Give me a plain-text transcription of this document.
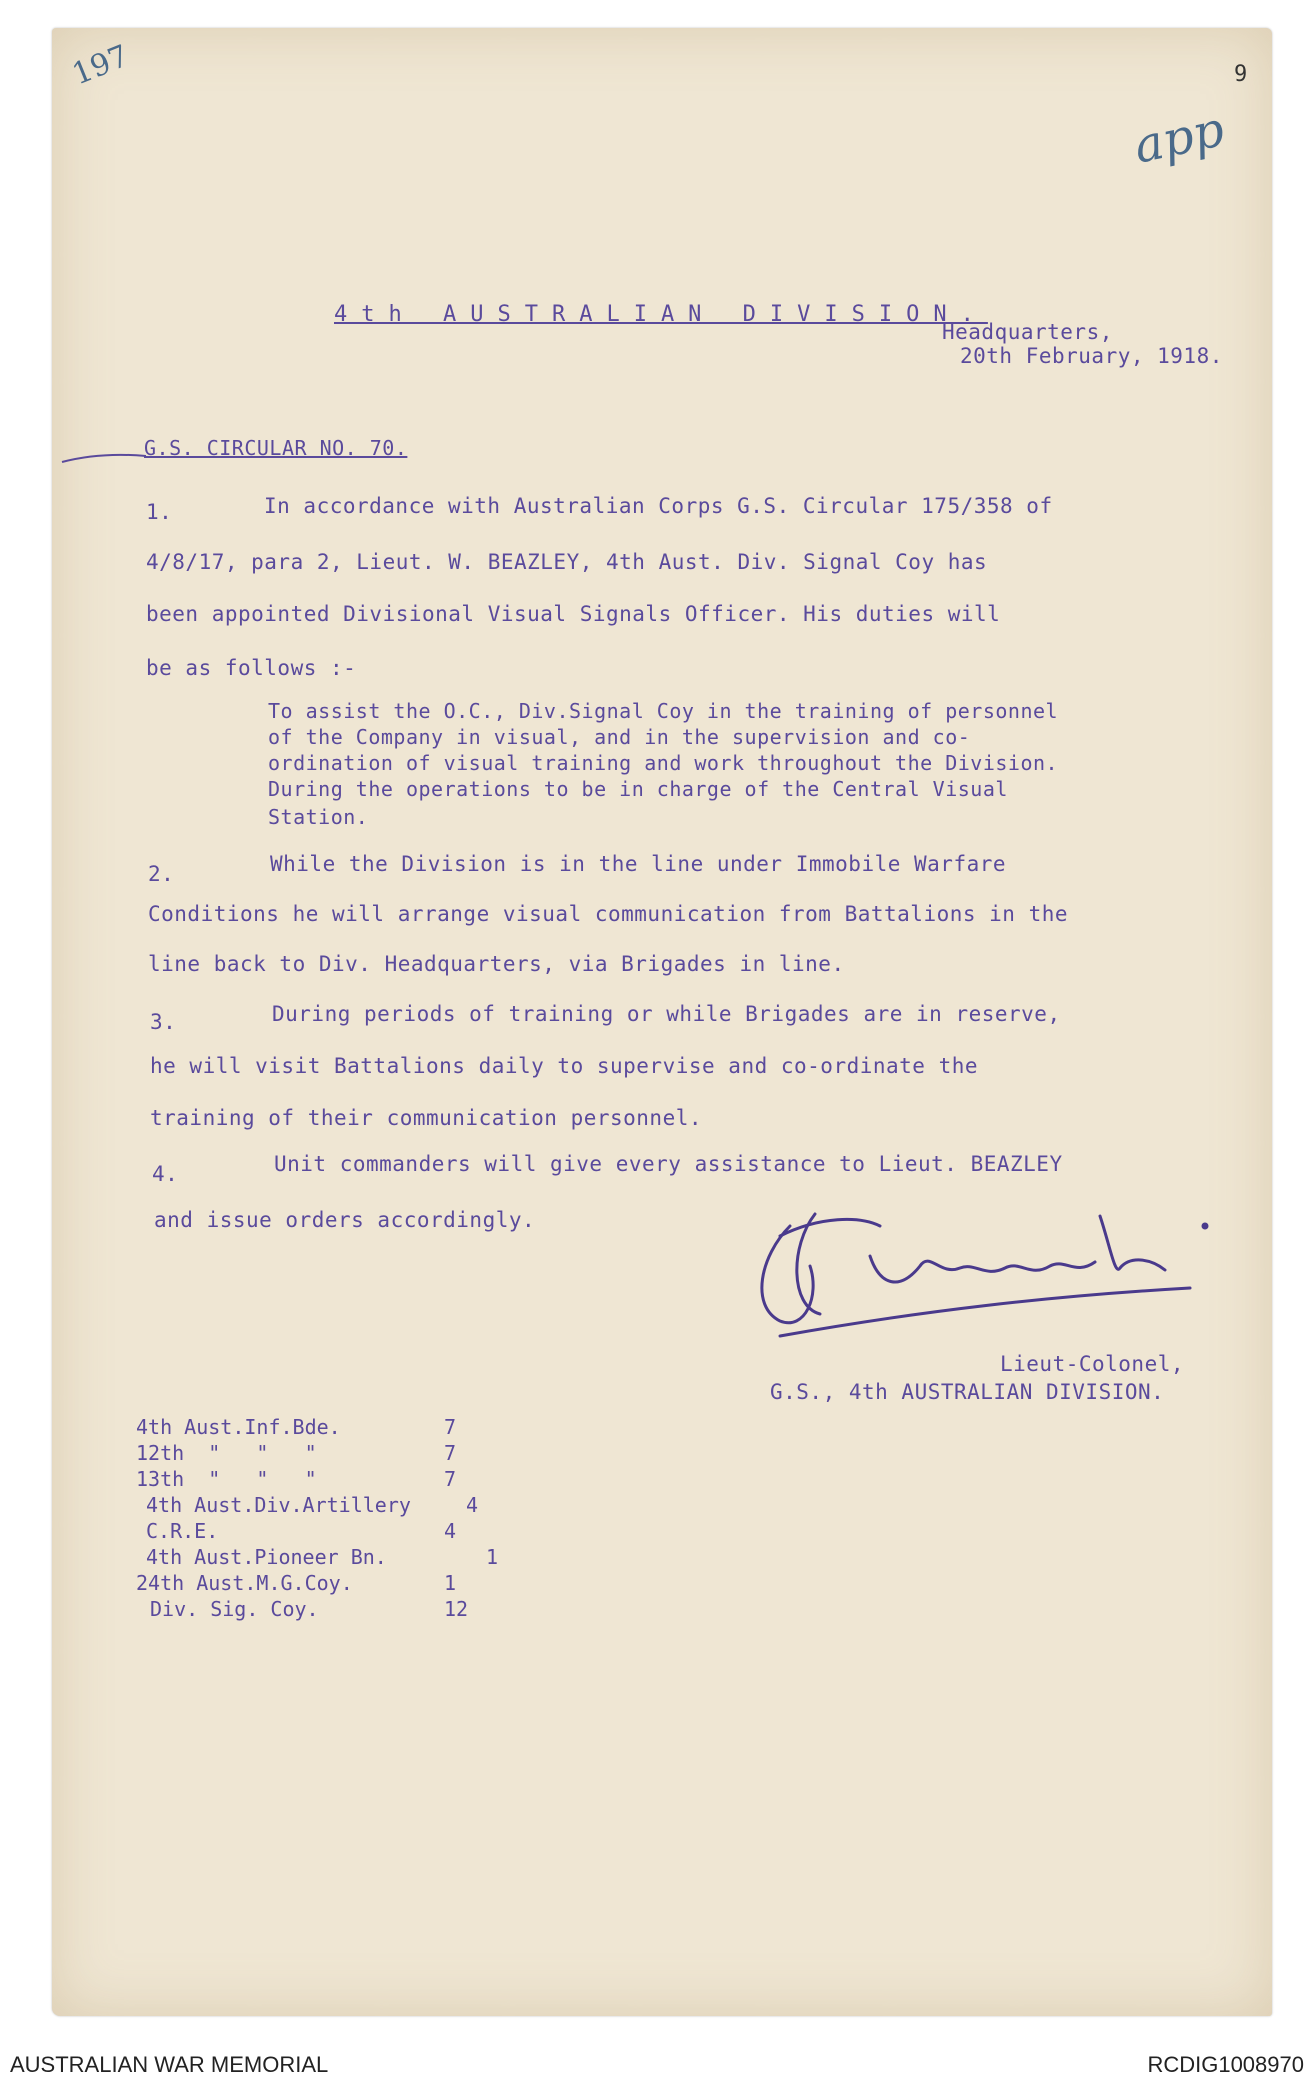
197	9
app
4th AUSTRALIAN DIVISION.
Headquarters,
20th February, 1918.
G.S. CIRCULAR NO. 70.
1.	In accordance with Australian Corps G.S. Circular 175/358 of
4/8/17, para 2, Lieut. W. BEAZLEY, 4th Aust. Div. Signal Coy has
been appointed Divisional Visual Signals Officer. His duties will
be as follows :-
To assist the O.C., Div.Signal Coy in the training of personnel
of the Company in visual, and in the supervision and co-
ordination of visual training and work throughout the Division.
During the operations to be in charge of the Central Visual
Station.
2.	While the Division is in the line under Immobile Warfare
Conditions he will arrange visual communication from Battalions in the
line back to Div. Headquarters, via Brigades in line.
3.	During periods of training or while Brigades are in reserve,
he will visit Battalions daily to supervise and co-ordinate the
training of their communication personnel.
4.	Unit commanders will give every assistance to Lieut. BEAZLEY
and issue orders accordingly.
Lieut-Colonel,
G.S., 4th AUSTRALIAN DIVISION.
4th Aust.Inf.Bde.	7
12th  "   "   "	7
13th  "   "   "	7
4th Aust.Div.Artillery	4
C.R.E.	4
4th Aust.Pioneer Bn.	1
24th Aust.M.G.Coy.	1
Div. Sig. Coy.	12
AUSTRALIAN WAR MEMORIAL	RCDIG1008970
